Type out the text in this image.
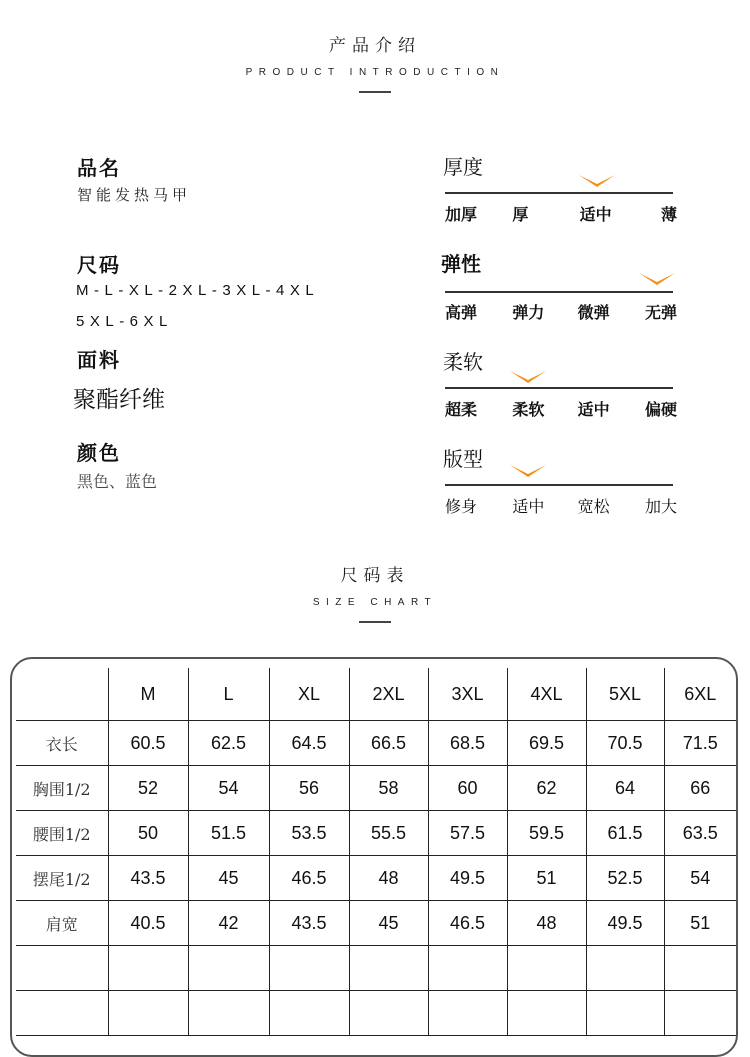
产品介绍
PRODUCT INTRODUCTION
品名
智能发热马甲
尺码
M-L-XL-2XL-3XL-4XL
5XL-6XL
面料
聚酯纤维
颜色
黑色、蓝色
厚度
加厚	厚	适中	薄
弹性
高弹	弹力	微弹	无弹
柔软
超柔	柔软	适中	偏硬
版型
修身	适中	宽松	加大
尺码表
SIZE CHART
	M	L	XL	2XL	3XL	4XL	5XL	6XL
衣长	60.5	62.5	64.5	66.5	68.5	69.5	70.5	71.5
胸围1/2	52	54	56	58	60	62	64	66
腰围1/2	50	51.5	53.5	55.5	57.5	59.5	61.5	63.5
摆尾1/2	43.5	45	46.5	48	49.5	51	52.5	54
肩宽	40.5	42	43.5	45	46.5	48	49.5	51
